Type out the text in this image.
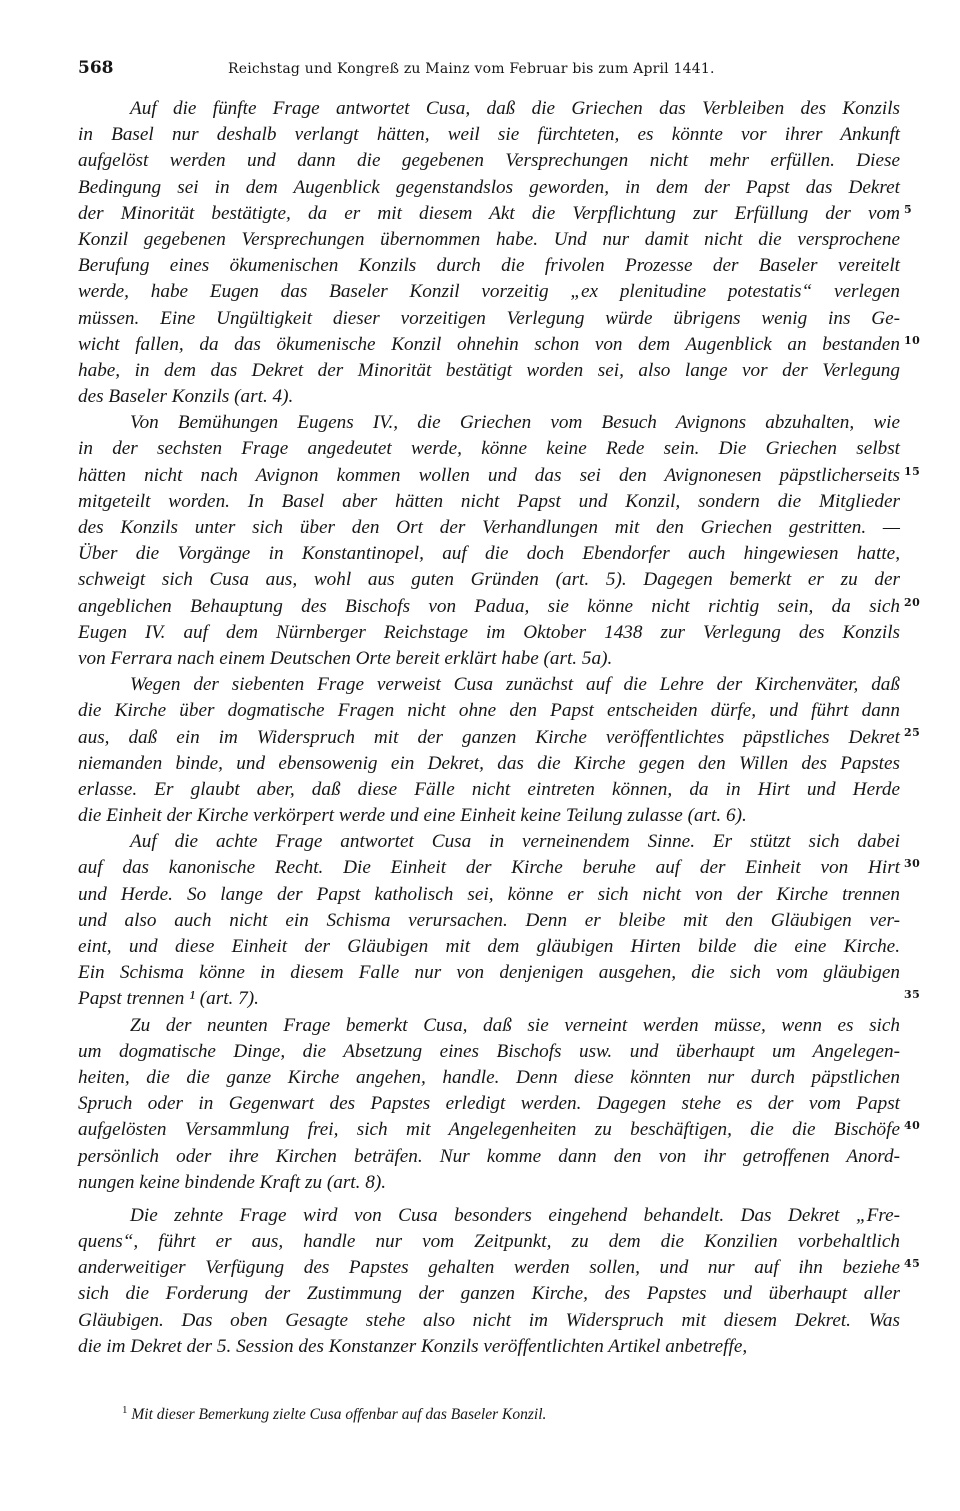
568	Reichstag und Kongreß zu Mainz vom Februar bis zum April 1441.
Auf die fünfte Frage antwortet Cusa, daß die Griechen das Verbleiben des Konzils
in Basel nur deshalb verlangt hätten, weil sie fürchteten, es könnte vor ihrer Ankunft
aufgelöst werden und dann die gegebenen Versprechungen nicht mehr erfüllen. Diese
Bedingung sei in dem Augenblick gegenstandslos geworden, in dem der Papst das Dekret
der Minorität bestätigte, da er mit diesem Akt die Verpflichtung zur Erfüllung der vom 5
Konzil gegebenen Versprechungen übernommen habe. Und nur damit nicht die versprochene
Berufung eines ökumenischen Konzils durch die frivolen Prozesse der Baseler vereitelt
werde, habe Eugen das Baseler Konzil vorzeitig „ex plenitudine potestatis“ verlegen
müssen. Eine Ungültigkeit dieser vorzeitigen Verlegung würde übrigens wenig ins Ge-
wicht fallen, da das ökumenische Konzil ohnehin schon von dem Augenblick an bestanden 10
habe, in dem das Dekret der Minorität bestätigt worden sei, also lange vor der Verlegung
des Baseler Konzils (art. 4).
Von Bemühungen Eugens IV., die Griechen vom Besuch Avignons abzuhalten, wie
in der sechsten Frage angedeutet werde, könne keine Rede sein. Die Griechen selbst
hätten nicht nach Avignon kommen wollen und das sei den Avignonesen päpstlicherseits 15
mitgeteilt worden. In Basel aber hätten nicht Papst und Konzil, sondern die Mitglieder
des Konzils unter sich über den Ort der Verhandlungen mit den Griechen gestritten. —
Über die Vorgänge in Konstantinopel, auf die doch Ebendorfer auch hingewiesen hatte,
schweigt sich Cusa aus, wohl aus guten Gründen (art. 5). Dagegen bemerkt er zu der
angeblichen Behauptung des Bischofs von Padua, sie könne nicht richtig sein, da sich 20
Eugen IV. auf dem Nürnberger Reichstage im Oktober 1438 zur Verlegung des Konzils
von Ferrara nach einem Deutschen Orte bereit erklärt habe (art. 5a).
Wegen der siebenten Frage verweist Cusa zunächst auf die Lehre der Kirchenväter, daß
die Kirche über dogmatische Fragen nicht ohne den Papst entscheiden dürfe, und führt dann
aus, daß ein im Widerspruch mit der ganzen Kirche veröffentlichtes päpstliches Dekret 25
niemanden binde, und ebensowenig ein Dekret, das die Kirche gegen den Willen des Papstes
erlasse. Er glaubt aber, daß diese Fälle nicht eintreten können, da in Hirt und Herde
die Einheit der Kirche verkörpert werde und eine Einheit keine Teilung zulasse (art. 6).
Auf die achte Frage antwortet Cusa in verneinendem Sinne. Er stützt sich dabei
auf das kanonische Recht. Die Einheit der Kirche beruhe auf der Einheit von Hirt 30
und Herde. So lange der Papst katholisch sei, könne er sich nicht von der Kirche trennen
und also auch nicht ein Schisma verursachen. Denn er bleibe mit den Gläubigen ver-
eint, und diese Einheit der Gläubigen mit dem gläubigen Hirten bilde die eine Kirche.
Ein Schisma könne in diesem Falle nur von denjenigen ausgehen, die sich vom gläubigen
Papst trennen ¹ (art. 7).	35
Zu der neunten Frage bemerkt Cusa, daß sie verneint werden müsse, wenn es sich
um dogmatische Dinge, die Absetzung eines Bischofs usw. und überhaupt um Angelegen-
heiten, die die ganze Kirche angehen, handle. Denn diese könnten nur durch päpstlichen
Spruch oder in Gegenwart des Papstes erledigt werden. Dagegen stehe es der vom Papst
aufgelösten Versammlung frei, sich mit Angelegenheiten zu beschäftigen, die die Bischöfe 40
persönlich oder ihre Kirchen beträfen. Nur komme dann den von ihr getroffenen Anord-
nungen keine bindende Kraft zu (art. 8).
Die zehnte Frage wird von Cusa besonders eingehend behandelt. Das Dekret „Fre-
quens“, führt er aus, handle nur vom Zeitpunkt, zu dem die Konzilien vorbehaltlich
anderweitiger Verfügung des Papstes gehalten werden sollen, und nur auf ihn beziehe 45
sich die Forderung der Zustimmung der ganzen Kirche, des Papstes und überhaupt aller
Gläubigen. Das oben Gesagte stehe also nicht im Widerspruch mit diesem Dekret. Was
die im Dekret der 5. Session des Konstanzer Konzils veröffentlichten Artikel anbetreffe,
$^1$ Mit dieser Bemerkung zielte Cusa offenbar auf das Baseler Konzil.
